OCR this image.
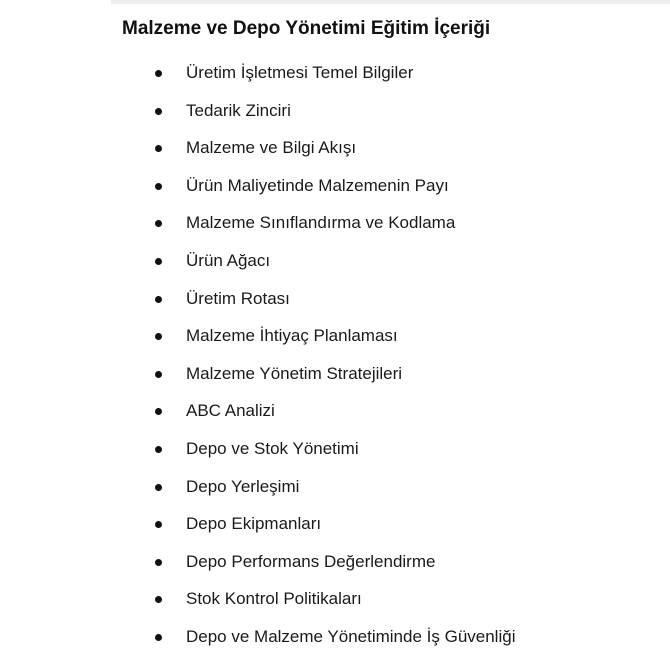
Malzeme ve Depo Yönetimi Eğitim İçeriği
Üretim İşletmesi Temel Bilgiler
Tedarik Zinciri
Malzeme ve Bilgi Akışı
Ürün Maliyetinde Malzemenin Payı
Malzeme Sınıflandırma ve Kodlama
Ürün Ağacı
Üretim Rotası
Malzeme İhtiyaç Planlaması
Malzeme Yönetim Stratejileri
ABC Analizi
Depo ve Stok Yönetimi
Depo Yerleşimi
Depo Ekipmanları
Depo Performans Değerlendirme
Stok Kontrol Politikaları
Depo ve Malzeme Yönetiminde İş Güvenliği
